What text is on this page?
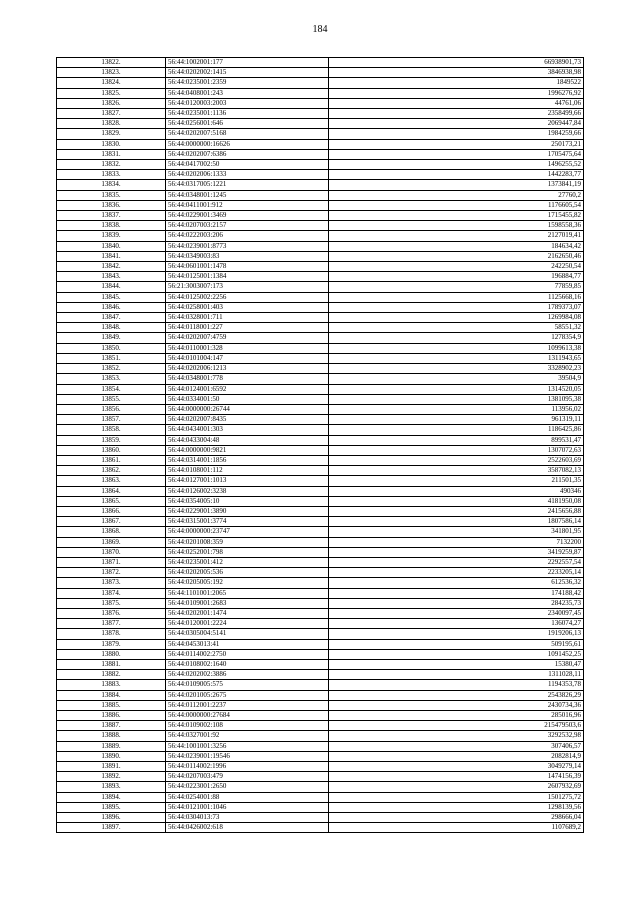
184
13822.	56:44:1002001:177	66938901,73
13823.	56:44:0202002:1415	3846938,98
13824.	56:44:0235001:2359	1849522
13825.	56:44:0408001:243	1996276,92
13826.	56:44:0120003:2003	44761,06
13827.	56:44:0235001:1136	2358499,66
13828.	56:44:0256001:646	2069447,84
13829.	56:44:0202007:5168	1984259,66
13830.	56:44:0000000:16626	250173,21
13831.	56:44:0202007:6386	1705475,64
13832.	56:44:0417002:50	1496255,52
13833.	56:44:0202006:1333	1442283,77
13834.	56:44:0317005:1221	1373841,19
13835.	56:44:0348001:1245	27760,2
13836.	56:44:0411001:912	1176605,54
13837.	56:44:0229001:3469	1715455,82
13838.	56:44:0207003:2157	1598558,36
13839.	56:44:0222003:206	2127019,41
13840.	56:44:0239001:8773	184634,42
13841.	56:44:0349003:83	2162650,46
13842.	56:44:0601001:1478	242250,54
13843.	56:44:0125001:1384	196884,77
13844.	56:21:3003007:173	77859,85
13845.	56:44:0125002:2256	1125668,16
13846.	56:44:0258001:403	1789373,07
13847.	56:44:0328001:711	1269984,08
13848.	56:44:0118001:227	58551,32
13849.	56:44:0202007:4759	1278354,9
13850.	56:44:0110001:328	1099613,38
13851.	56:44:0101004:147	1311943,65
13852.	56:44:0202006:1213	3328902,23
13853.	56:44:0348001:778	39504,9
13854.	56:44:0124001:6592	1314520,05
13855.	56:44:0334001:50	1381095,38
13856.	56:44:0000000:26744	113956,02
13857.	56:44:0202007:8435	961319,11
13858.	56:44:0434001:303	1186425,86
13859.	56:44:0433004:48	899531,47
13860.	56:44:0000000:9821	1307072,63
13861.	56:44:0314001:1856	2522603,69
13862.	56:44:0108001:112	3587082,13
13863.	56:44:0127001:1013	211501,35
13864.	56:44:0126002:3238	490346
13865.	56:44:0354005:10	4181950,08
13866.	56:44:0229001:3890	2415656,88
13867.	56:44:0315001:3774	1807586,14
13868.	56:44:0000000:23747	341801,95
13869.	56:44:0201008:359	7132200
13870.	56:44:0252001:798	3419259,87
13871.	56:44:0235001:412	2292557,54
13872.	56:44:0202005:536	2233205,14
13873.	56:44:0205005:192	612536,32
13874.	56:44:1101001:2065	174188,42
13875.	56:44:0109001:2683	284235,73
13876.	56:44:0202001:1474	2340097,45
13877.	56:44:0120001:2224	136074,27
13878.	56:44:0305004:5141	1919206,13
13879.	56:44:0453013:41	509195,61
13880.	56:44:0114002:2750	1091452,25
13881.	56:44:0108002:1640	15380,47
13882.	56:44:0202002:3886	1311028,11
13883.	56:44:0109005:575	1194353,78
13884.	56:44:0201005:2675	2543826,29
13885.	56:44:0112001:2237	2430734,36
13886.	56:44:0000000:27684	285016,96
13887.	56:44:0109002:108	215479503,6
13888.	56:44:0327001:92	3292532,98
13889.	56:44:1001001:3256	307406,57
13890.	56:44:0239001:19546	2082814,9
13891.	56:44:0114002:1996	3049279,14
13892.	56:44:0207003:479	1474156,39
13893.	56:44:0223001:2650	2607932,69
13894.	56:44:0254001:88	1501275,72
13895.	56:44:0121001:1046	1298139,56
13896.	56:44:0304013:73	298666,04
13897.	56:44:0426002:618	1107689,2
